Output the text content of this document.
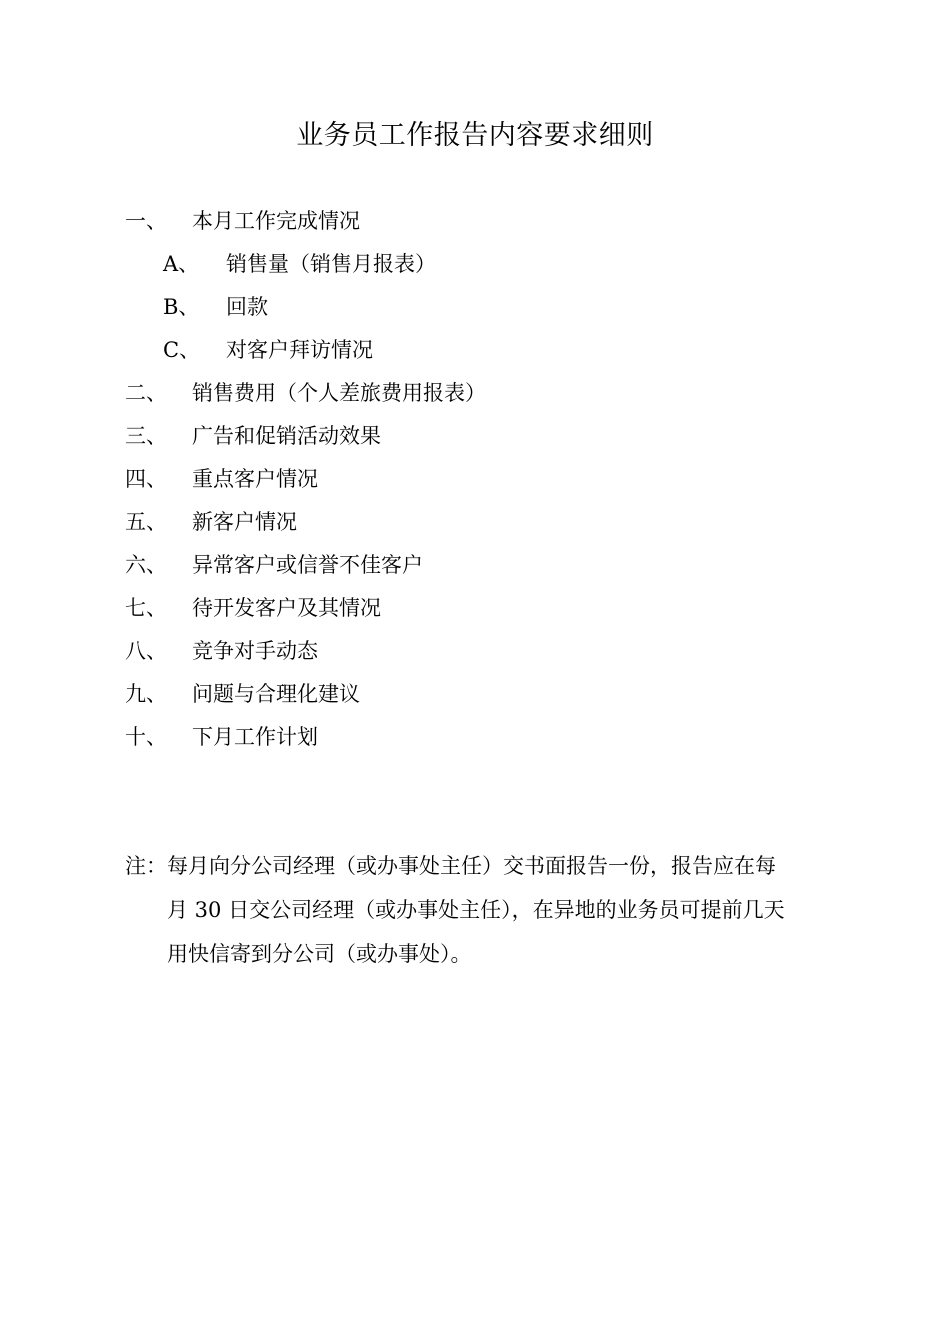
业务员工作报告内容要求细则
一、 本月工作完成情况
A、 销售量（销售月报表）
B、 回款
C、 对客户拜访情况
二、 销售费用（个人差旅费用报表）
三、 广告和促销活动效果
四、 重点客户情况
五、 新客户情况
六、 异常客户或信誉不佳客户
七、 待开发客户及其情况
八、 竞争对手动态
九、 问题与合理化建议
十、 下月工作计划
注：每月向分公司经理（或办事处主任）交书面报告一份，报告应在每
月 30 日交公司经理（或办事处主任），在异地的业务员可提前几天
用快信寄到分公司（或办事处）。
